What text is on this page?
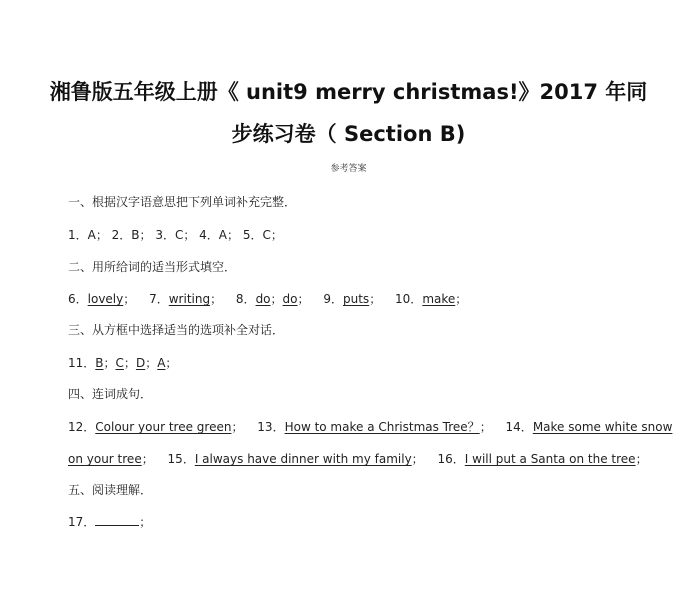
湘鲁版五年级上册《 unit9 merry christmas!》2017 年同
步练习卷（ Section B)
参考答案
一、根据汉字语意思把下列单词补充完整．
1．A； 2．B； 3．C； 4．A； 5．C；
二、用所给词的适当形式填空．
6．lovely； 7．writing； 8．do；do； 9．puts； 10．make；
三、从方框中选择适当的选项补全对话．
11．B；C；D；A；
四、连词成句．
12．Colour your tree green； 13．How to make a Christmas Tree？； 14．Make some white snow
on your tree； 15．I always have dinner with my family； 16．I will put a Santa on the tree；
五、阅读理解．
17．	；
